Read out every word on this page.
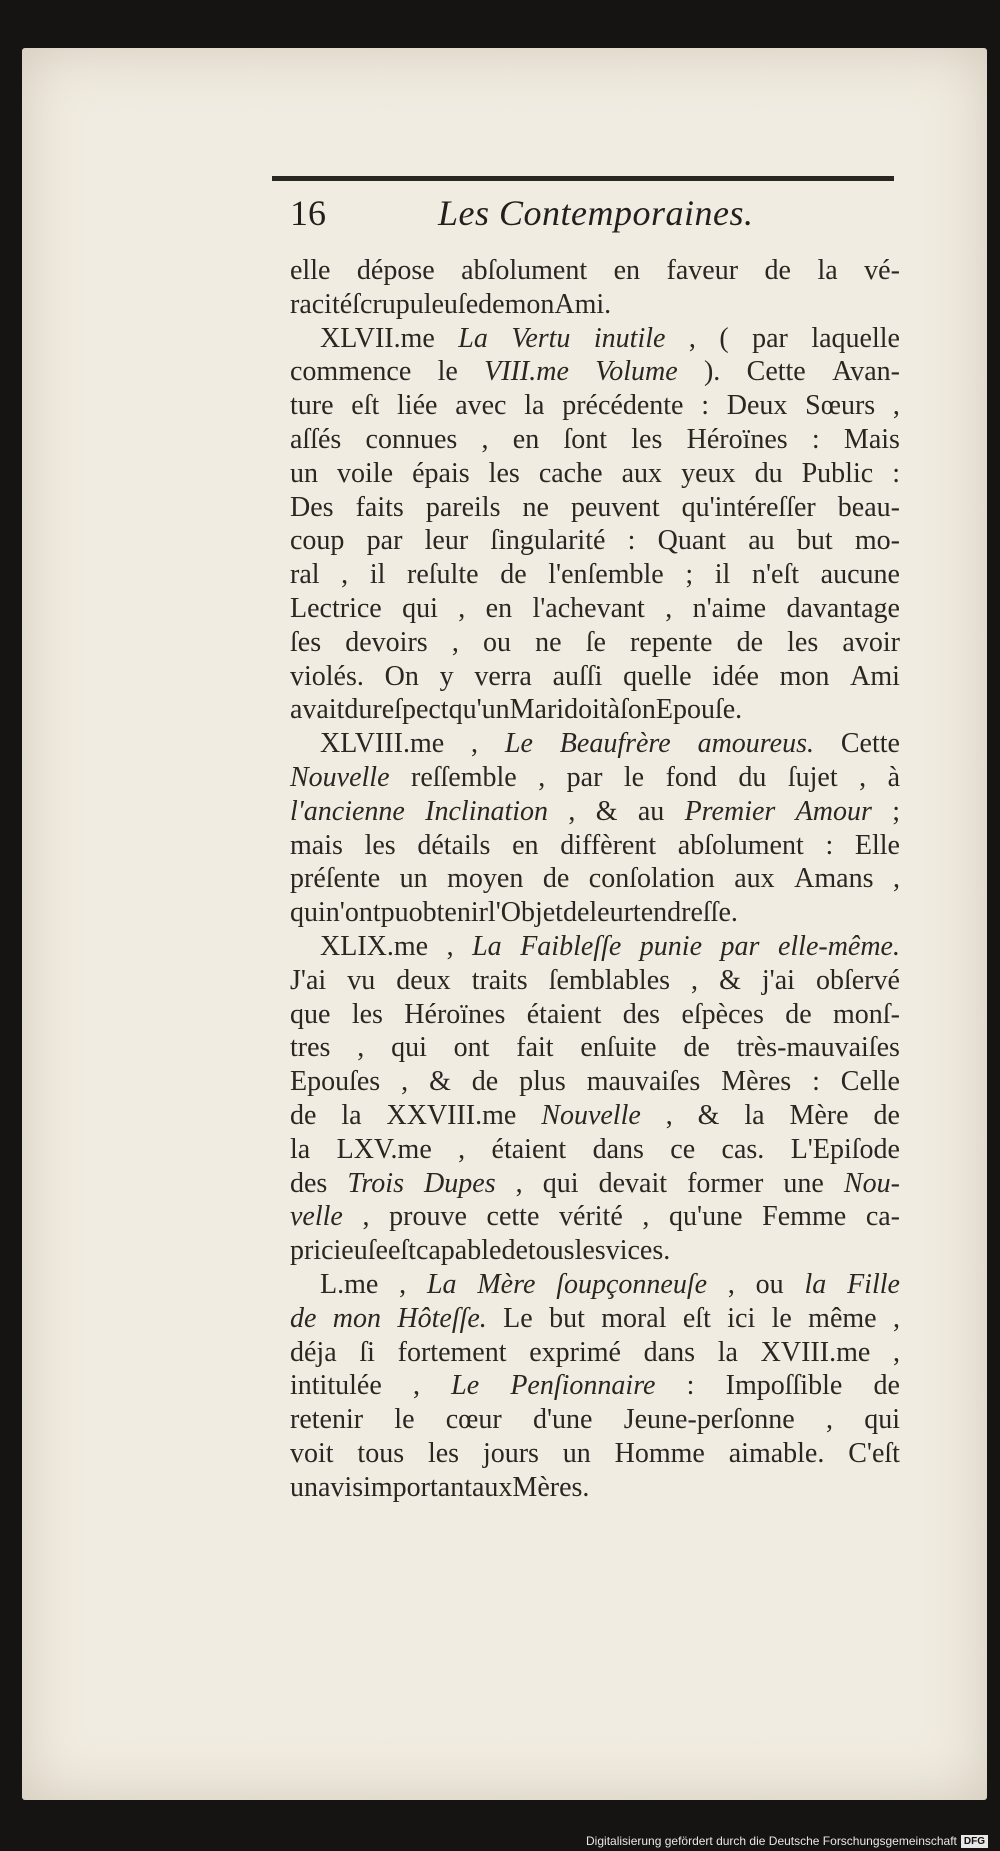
16	Les Contemporaines.
elle dépose abſolument en faveur de la vé-
racité ſcrupuleuſe de mon Ami.
XLVII.me La Vertu inutile , ( par laquelle
commence le VIII.me Volume ). Cette Avan-
ture eſt liée avec la précédente : Deux Sœurs ,
aſſés connues , en ſont les Héroïnes : Mais
un voile épais les cache aux yeux du Public :
Des faits pareils ne peuvent qu'intéreſſer beau-
coup par leur ſingularité : Quant au but mo-
ral , il reſulte de l'enſemble ; il n'eſt aucune
Lectrice qui , en l'achevant , n'aime davantage
ſes devoirs , ou ne ſe repente de les avoir
violés. On y verra auſſi quelle idée mon Ami
avait du reſpect qu'un Mari doit à ſon Epouſe.
XLVIII.me , Le Beaufrère amoureus. Cette
Nouvelle reſſemble , par le fond du ſujet , à
l'ancienne Inclination , & au Premier Amour ;
mais les détails en diffèrent abſolument : Elle
préſente un moyen de conſolation aux Amans ,
qui n'ont pu obtenir l'Objet de leur tendreſſe.
XLIX.me , La Faibleſſe punie par elle-même.
J'ai vu deux traits ſemblables , & j'ai obſervé
que les Héroïnes étaient des eſpèces de monſ-
tres , qui ont fait enſuite de très-mauvaiſes
Epouſes , & de plus mauvaiſes Mères : Celle
de la XXVIII.me Nouvelle , & la Mère de
la LXV.me , étaient dans ce cas. L'Epiſode
des Trois Dupes , qui devait former une Nou-
velle , prouve cette vérité , qu'une Femme ca-
pricieuſe eſt capable de tous les vices.
L.me , La Mère ſoupçonneuſe , ou la Fille
de mon Hôteſſe. Le but moral eſt ici le même ,
déja ſi fortement exprimé dans la XVIII.me ,
intitulée , Le Penſionnaire : Impoſſible de
retenir le cœur d'une Jeune-perſonne , qui
voit tous les jours un Homme aimable. C'eſt
un avis important aux Mères.
Digitalisierung gefördert durch die Deutsche Forschungsgemeinschaft DFG
